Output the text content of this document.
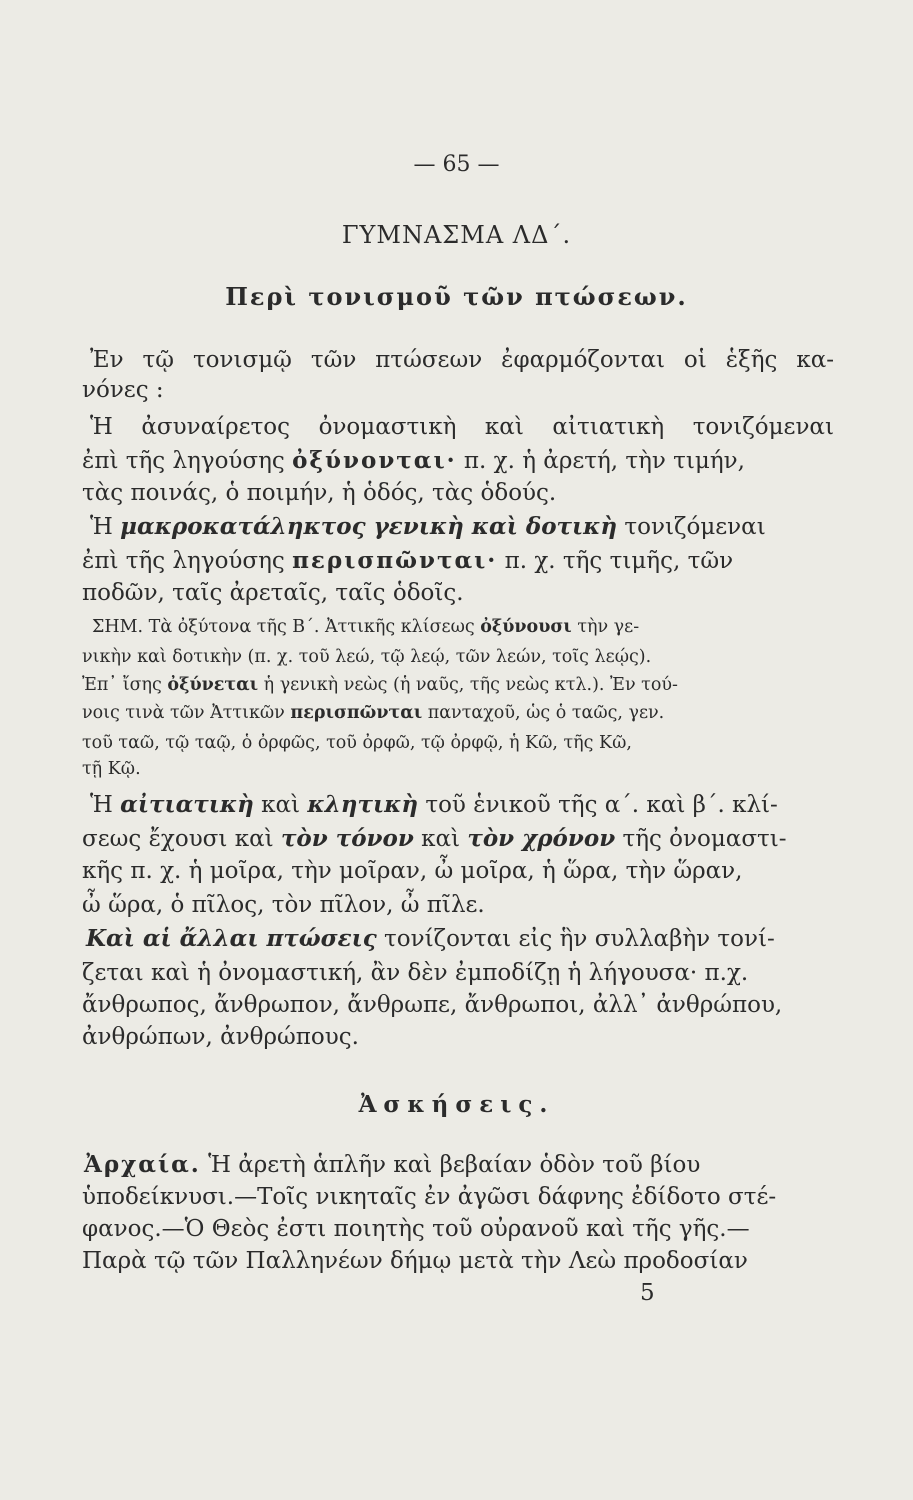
— 65 —
ΓΥΜΝΑΣΜΑ ΛΔ΄.
Περὶ τονισμοῦ τῶν πτώσεων.
Ἐν τῷ τονισμῷ τῶν πτώσεων ἐφαρμόζονται οἱ ἑξῆς κα-
νόνες :
Ἡ ἀσυναίρετος ὀνομαστικὴ καὶ αἰτιατικὴ τονιζόμεναι
ἐπὶ τῆς ληγούσης ὀξύνονται· π. χ. ἡ ἀρετή, τὴν τιμήν,
τὰς ποινάς, ὁ ποιμήν, ἡ ὁδός, τὰς ὁδούς.
Ἡ μακροκατάληκτος γενικὴ καὶ δοτικὴ τονιζόμεναι
ἐπὶ τῆς ληγούσης περισπῶνται· π. χ. τῆς τιμῆς, τῶν
ποδῶν, ταῖς ἀρεταῖς, ταῖς ὁδοῖς.
ΣΗΜ. Τὰ ὀξύτονα τῆς Β΄. Ἀττικῆς κλίσεως ὀξύνουσι τὴν γε-
νικὴν καὶ δοτικὴν (π. χ. τοῦ λεώ, τῷ λεῴ, τῶν λεών, τοῖς λεῴς).
Ἐπ᾽ ἴσης ὀξύνεται ἡ γενικὴ νεὼς (ἡ ναῦς, τῆς νεὼς κτλ.). Ἐν τού-
νοις τινὰ τῶν Ἀττικῶν περισπῶνται πανταχοῦ, ὡς ὁ ταῶς, γεν.
τοῦ ταῶ, τῷ ταῷ, ὁ ὀρφῶς, τοῦ ὀρφῶ, τῷ ὀρφῷ, ἡ Κῶ, τῆς Κῶ,
τῇ Κῷ.
Ἡ αἰτιατικὴ καὶ κλητικὴ τοῦ ἑνικοῦ τῆς α΄. καὶ β΄. κλί-
σεως ἔχουσι καὶ τὸν τόνον καὶ τὸν χρόνον τῆς ὀνομαστι-
κῆς π. χ. ἡ μοῖρα, τὴν μοῖραν, ὦ μοῖρα, ἡ ὥρα, τὴν ὥραν,
ὦ ὥρα, ὁ πῖλος, τὸν πῖλον, ὦ πῖλε.
Καὶ αἱ ἄλλαι πτώσεις τονίζονται εἰς ἣν συλλαβὴν τονί-
ζεται καὶ ἡ ὀνομαστική, ἂν δὲν ἐμποδίζῃ ἡ λήγουσα· π.χ.
ἄνθρωπος, ἄνθρωπον, ἄνθρωπε, ἄνθρωποι, ἀλλ᾽ ἀνθρώπου,
ἀνθρώπων, ἀνθρώπους.
Ἀσκήσεις.
Ἀρχαία. Ἡ ἀρετὴ ἁπλῆν καὶ βεβαίαν ὁδὸν τοῦ βίου
ὑποδείκνυσι.—Τοῖς νικηταῖς ἐν ἀγῶσι δάφνης ἐδίδοτο στέ-
φανος.—Ὁ Θεὸς ἐστι ποιητὴς τοῦ οὐρανοῦ καὶ τῆς γῆς.—
Παρὰ τῷ τῶν Παλληνέων δήμῳ μετὰ τὴν Λεὼ προδοσίαν
5
